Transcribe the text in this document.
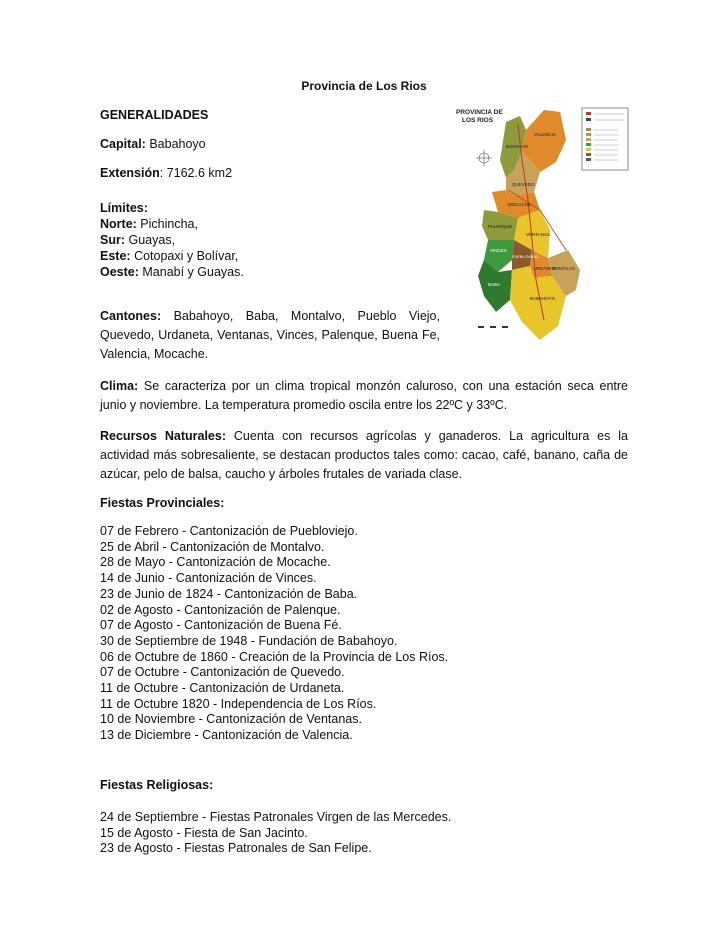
Provincia de Los Rios
GENERALIDADES
Capital: Babahoyo
Extensión: 7162.6 km2
Límites:
Norte: Pichincha,
Sur: Guayas,
Este: Cotopaxi y Bolívar,
Oeste: Manabí y Guayas.
Cantones: Babahoyo, Baba, Montalvo, Pueblo Viejo, Quevedo, Urdaneta, Ventanas, Vinces, Palenque, Buena Fe, Valencia, Mocache.
PROVINCIA DE
LOS RIOS
BUENA FE
VALENCIA
QUEVEDO
MOCACHE
PALENQUE
VENTANAS
VINCES
PUEBLOVIEJO
URDANETA
BABA
BABAHOYO
MONTALVO
Clima: Se caracteriza por un clima tropical monzón caluroso, con una estación seca entre junio y noviembre. La temperatura promedio oscila entre los 22ºC y 33ºC.
Recursos Naturales: Cuenta con recursos agrícolas y ganaderos. La agricultura es la actividad más sobresaliente, se destacan productos tales como: cacao, café, banano, caña de azúcar, pelo de balsa, caucho y árboles frutales de variada clase.
Fiestas Provinciales:
07 de Febrero - Cantonización de Puebloviejo.
25 de Abril - Cantonización de Montalvo.
28 de Mayo - Cantonización de Mocache.
14 de Junio - Cantonización de Vinces.
23 de Junio de 1824 - Cantonización de Baba.
02 de Agosto - Cantonización de Palenque.
07 de Agosto - Cantonización de Buena Fé.
30 de Septiembre de 1948 - Fundación de Babahoyo.
06 de Octubre de 1860 - Creación de la Provincia de Los Ríos.
07 de Octubre - Cantonización de Quevedo.
11 de Octubre - Cantonización de Urdaneta.
11 de Octubre 1820 - Independencia de Los Ríos.
10 de Noviembre - Cantonización de Ventanas.
13 de Diciembre - Cantonización de Valencia.
Fiestas Religiosas:
24 de Septiembre - Fiestas Patronales Virgen de las Mercedes.
15 de Agosto - Fiesta de San Jacinto.
23 de Agosto - Fiestas Patronales de San Felipe.
